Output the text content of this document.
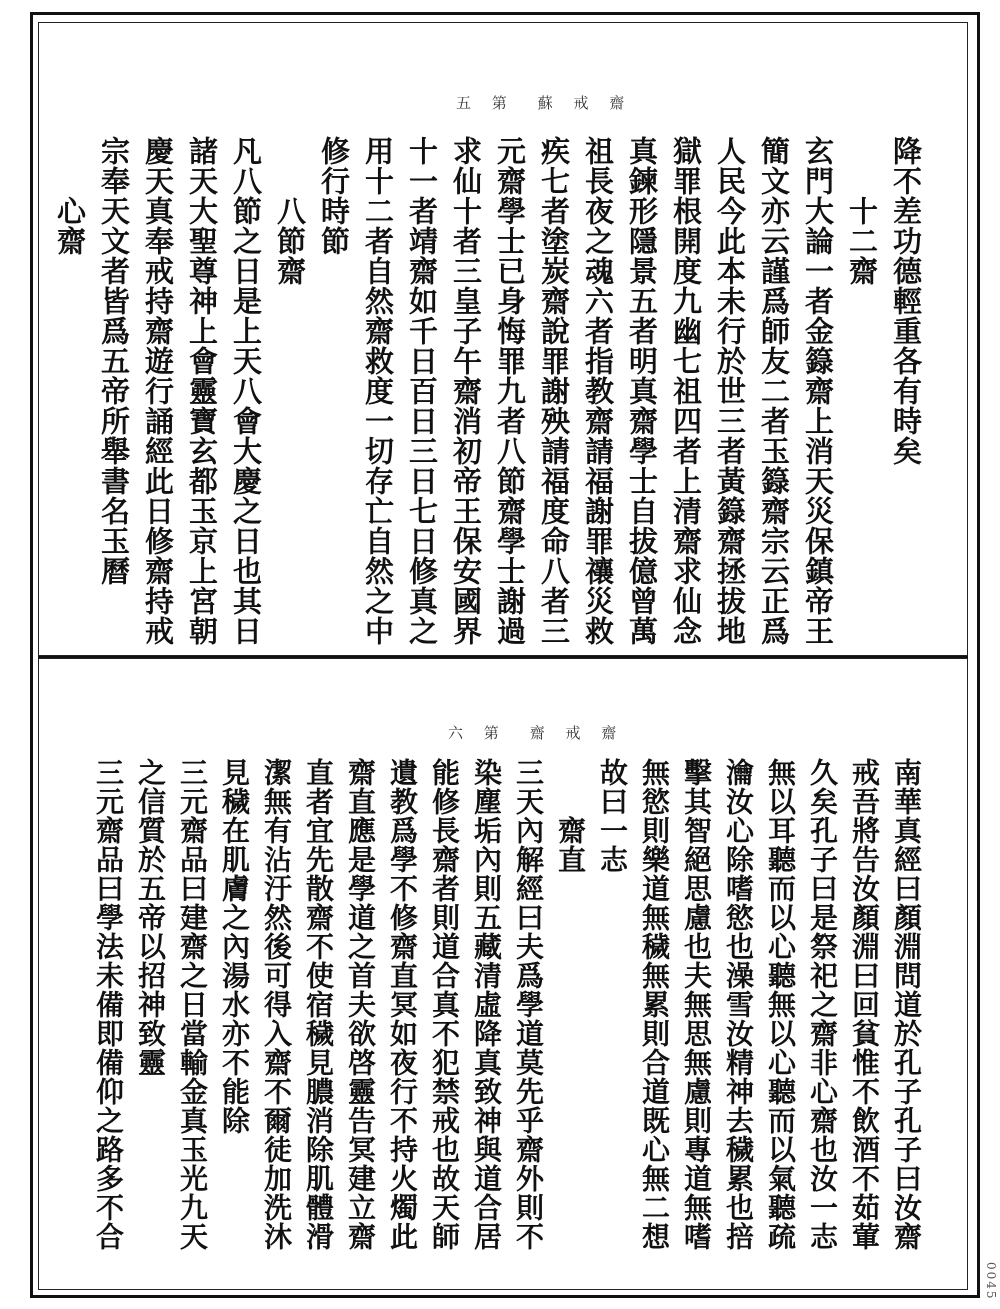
五 第　蘇 戒 齋
六 第　齋 戒 齋
降不差功德輕重各有時矣
　　十二齋
玄門大論一者金籙齋上消天災保鎮帝王
簡文亦云謹爲師友二者玉籙齋宗云正爲
人民今此本未行於世三者黃籙齋拯拔地
獄罪根開度九幽七祖四者上清齋求仙念
真鍊形隱景五者明真齋學士自拔億曾萬
祖長夜之魂六者指教齋請福謝罪禳災救
疾七者塗炭齋說罪謝殃請福度命八者三
元齋學士已身悔罪九者八節齋學士謝過
求仙十者三皇子午齋消初帝王保安國界
十一者靖齋如千日百日三日七日修真之
用十二者自然齋救度一切存亡自然之中
修行時節
　　八節齋
凡八節之日是上天八會大慶之日也其日
諸天大聖尊神上會靈寶玄都玉京上宮朝
慶天真奉戒持齋遊行誦經此日修齋持戒
宗奉天文者皆爲五帝所舉書名玉曆
　　心齋
南華真經曰顏淵問道於孔子孔子曰汝齋
戒吾將告汝顏淵曰回貧惟不飲酒不茹葷
久矣孔子曰是祭祀之齋非心齋也汝一志
無以耳聽而以心聽無以心聽而以氣聽疏
瀹汝心除嗜慾也澡雪汝精神去穢累也掊
擊其智絕思慮也夫無思無慮則專道無嗜
無慾則樂道無穢無累則合道既心無二想
故曰一志
　　齋直
三天內解經曰夫爲學道莫先乎齋外則不
染塵垢內則五藏清虛降真致神與道合居
能修長齋者則道合真不犯禁戒也故天師
遺教爲學不修齋直冥如夜行不持火燭此
齋直應是學道之首夫欲啓靈告冥建立齋
直者宜先散齋不使宿穢見膿消除肌體滑
潔無有沾汙然後可得入齋不爾徒加洗沐
見穢在肌膚之內湯水亦不能除
三元齋品曰建齋之日當輸金真玉光九天
之信質於五帝以招神致靈
三元齋品曰學法未備即備仰之路多不合
0045
